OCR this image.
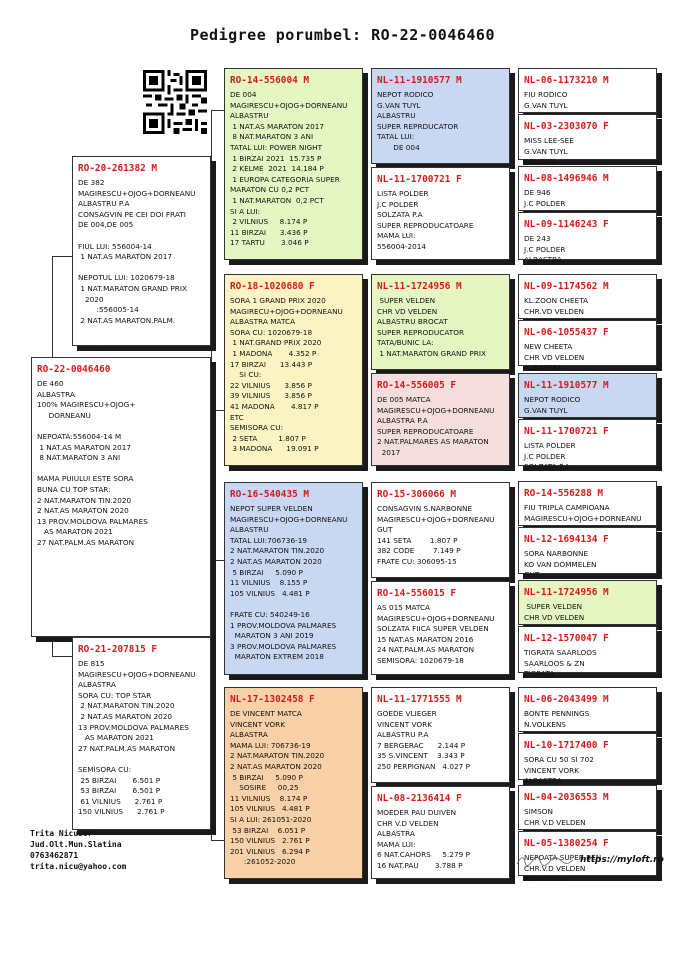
Pedigree porumbel: RO-22-0046460
RO-22-0046460
DE 460
ALBASTRA
100% MAGIRESCU+OJOG+
DORNEANU

NEPOATA:556004-14 M
1 NAT.AS MARATON 2017
8 NAT.MARATON 3 ANI

MAMA PUIULUI ESTE SORA
BUNA CU TOP STAR:
2 NAT.MARATON TIN.2020
2 NAT.AS MARATON 2020
13 PROV.MOLDOVA PALMARES
AS MARATON 2021
27 NAT.PALM.AS MARATON
RO-20-261382 M
DE 382
MAGIRESCU+OJOG+DORNEANU
ALBASTRU P.A
CONSAGVIN PE CEI DOI FRATI
DE 004,DE 005

FIUL LUI: 556004-14
1 NAT.AS MARATON 2017

NEPOTUL LUI: 1020679-18
1 NAT.MARATON GRAND PRIX
2020
:556005-14
2 NAT.AS MARATON.PALM.
RO-21-207815 F
DE 815
MAGIRESCU+OJOG+DORNEANU
ALBASTRA
SORA CU: TOP STAR
2 NAT.MARATON TIN.2020
2 NAT.AS MARATON 2020
13 PROV.MOLDOVA PALMARES
AS MARATON 2021
27 NAT.PALM.AS MARATON

SEMISORA CU:
25 BIRZAI       6.501 P
53 BIRZAI       6.501 P
61 VILNIUS      2.761 P
150 VILNIUS      2.761 P
RO-14-556004 M
DE 004
MAGIRESCU+OJOG+DORNEANU
ALBASTRU
1 NAT.AS MARATON 2017
8 NAT.MARATON 3 ANI
TATAL LUI: POWER NIGHT
1 BIRZAI 2021  15.735 P
2 KELME  2021  14.184 P
1 EUROPA CATEGORIA SUPER
MARATON CU 0,2 PCT
1 NAT.MARATON  0,2 PCT
SI A LUI:
2 VILNIUS     8.174 P
11 BIRZAI      3.436 P
17 TARTU       3.046 P
RO-18-1020680 F
SORA 1 GRAND PRIX 2020
MAGIRECU+OJOG+DORNEANU
ALBASTRA MATCA
SORA CU: 1020679-18
1 NAT.GRAND PRIX 2020
1 MADONA       4.352 P
17 BIRZAI      13.443 P
SI CU:
22 VILNIUS      3.856 P
39 VILNIUS      3.856 P
41 MADONA       4.817 P
ETC
SEMISORA CU:
2 SETA         1.807 P
3 MADONA      19.091 P
RO-16-540435 M
NEPOT SUPER VELDEN
MAGIRESCU+OJOG+DORNEANU
ALBASTRU
TATAL LUI:706736-19
2 NAT.MARATON TIN.2020
2 NAT.AS MARATON 2020
5 BIRZAI     5.090 P
11 VILNIUS    8.155 P
105 VILNIUS   4.481 P

FRATE CU: 540249-16
1 PROV.MOLDOVA PALMARES
MARATON 3 ANI 2019
3 PROV.MOLDOVA PALMARES
MARATON EXTREM 2018
NL-17-1302458 F
DE VINCENT MATCA
VINCENT VORK
ALBASTRA
MAMA LUI: 706736-19
2 NAT.MARATON TIN.2020
2 NAT.AS MARATON 2020
5 BIRZAI     5.090 P
SOSIRE     00,25
11 VILNIUS    8.174 P
105 VILNIUS   4.481 P
SI A LUI: 261051-2020
53 BIRZAI    6.051 P
150 VILNIUS   2.761 P
201 VILNIUS   6.294 P
:261052-2020
NL-11-1910577 M
NEPOT RODICO
G.VAN TUYL
ALBASTRU
SUPER REPRDUCATOR
TATAL LUI:
DE 004
NL-11-1700721 F
LISTA POLDER
J.C POLDER
SOLZATA P.A
SUPER REPRODUCATOARE
MAMA LUI:
556004-2014
NL-11-1724956 M
SUPER VELDEN
CHR VD VELDEN
ALBASTRU BROCAT
SUPER REPRODUCATOR
TATA/BUNIC LA:
1 NAT.MARATON GRAND PRIX
RO-14-556005 F
DE 005 MATCA
MAGIRESCU+OJOG+DORNEANU
ALBASTRA P.A
SUPER REPRODUCATOARE
2 NAT.PALMARES AS MARATON
2017
RO-15-306066 M
CONSAGVIN S.NARBONNE
MAGIRESCU+OJOG+DORNEANU
GUT
141 SETA        1.807 P
382 CODE        7.149 P
FRATE CU: 306095-15
RO-14-556015 F
AS 015 MATCA
MAGIRESCU+OJOG+DORNEANU
SOLZATA FIICA SUPER VELDEN
15 NAT.AS MARATON 2016
24 NAT.PALM.AS MARATON
SEMISORA: 1020679-18
NL-11-1771555 M
GOEDE VLIEGER
VINCENT VORK
ALBASTRU P.A
7 BERGERAC      2.144 P
35 S.VINCENT    3.343 P
250 PERPIGNAN   4.027 P
NL-08-2136414 F
MOEDER PAU DUIVEN
CHR V.D VELDEN
ALBASTRA
MAMA LUI:
6 NAT.CAHORS     5.279 P
16 NAT.PAU       3.788 P
NL-06-1173210 M
FIU RODICO
G.VAN TUYL

NL-03-2303070 F
MISS LEE-SEE
G.VAN TUYL
SOLZATA
NL-08-1496946 M
DE 946
J.C POLDER

NL-09-1146243 F
DE 243
J.C POLDER
ALBASTRA
NL-09-1174562 M
KL.ZOON CHEETA
CHR.VD VELDEN

NL-06-1055437 F
NEW CHEETA
CHR VD VELDEN
ALBASTRA
NL-11-1910577 M
NEPOT RODICO
G.VAN TUYL

NL-11-1700721 F
LISTA POLDER
J.C POLDER
SOLZATA P.A
RO-14-556288 M
FIU TRIPLA CAMPIOANA
MAGIRESCU+OJOG+DORNEANU

NL-12-1694134 F
SORA NARBONNE
KO VAN DOMMELEN
GUT
NL-11-1724956 M
SUPER VELDEN
CHR VD VELDEN

NL-12-1570047 F
TIGRATA SAARLOOS
SAARLOOS & ZN
TIGRATA
NL-06-2043499 M
BONTE PENNINGS
N.VOLKENS

NL-10-1717400 F
SORA CU 50 SI 702
VINCENT VORK
ALBASTRA
NL-04-2036553 M
SIMSON
CHR V.D VELDEN

NL-05-1380254 F
NEPOATA SUPER BEN
CHR.V.D VELDEN
ALBASTRA
Trita Nicusor
Jud.Olt.Mun.Slatina
0763462871
trita.nicu@yahoo.com
https://myloft.ro
